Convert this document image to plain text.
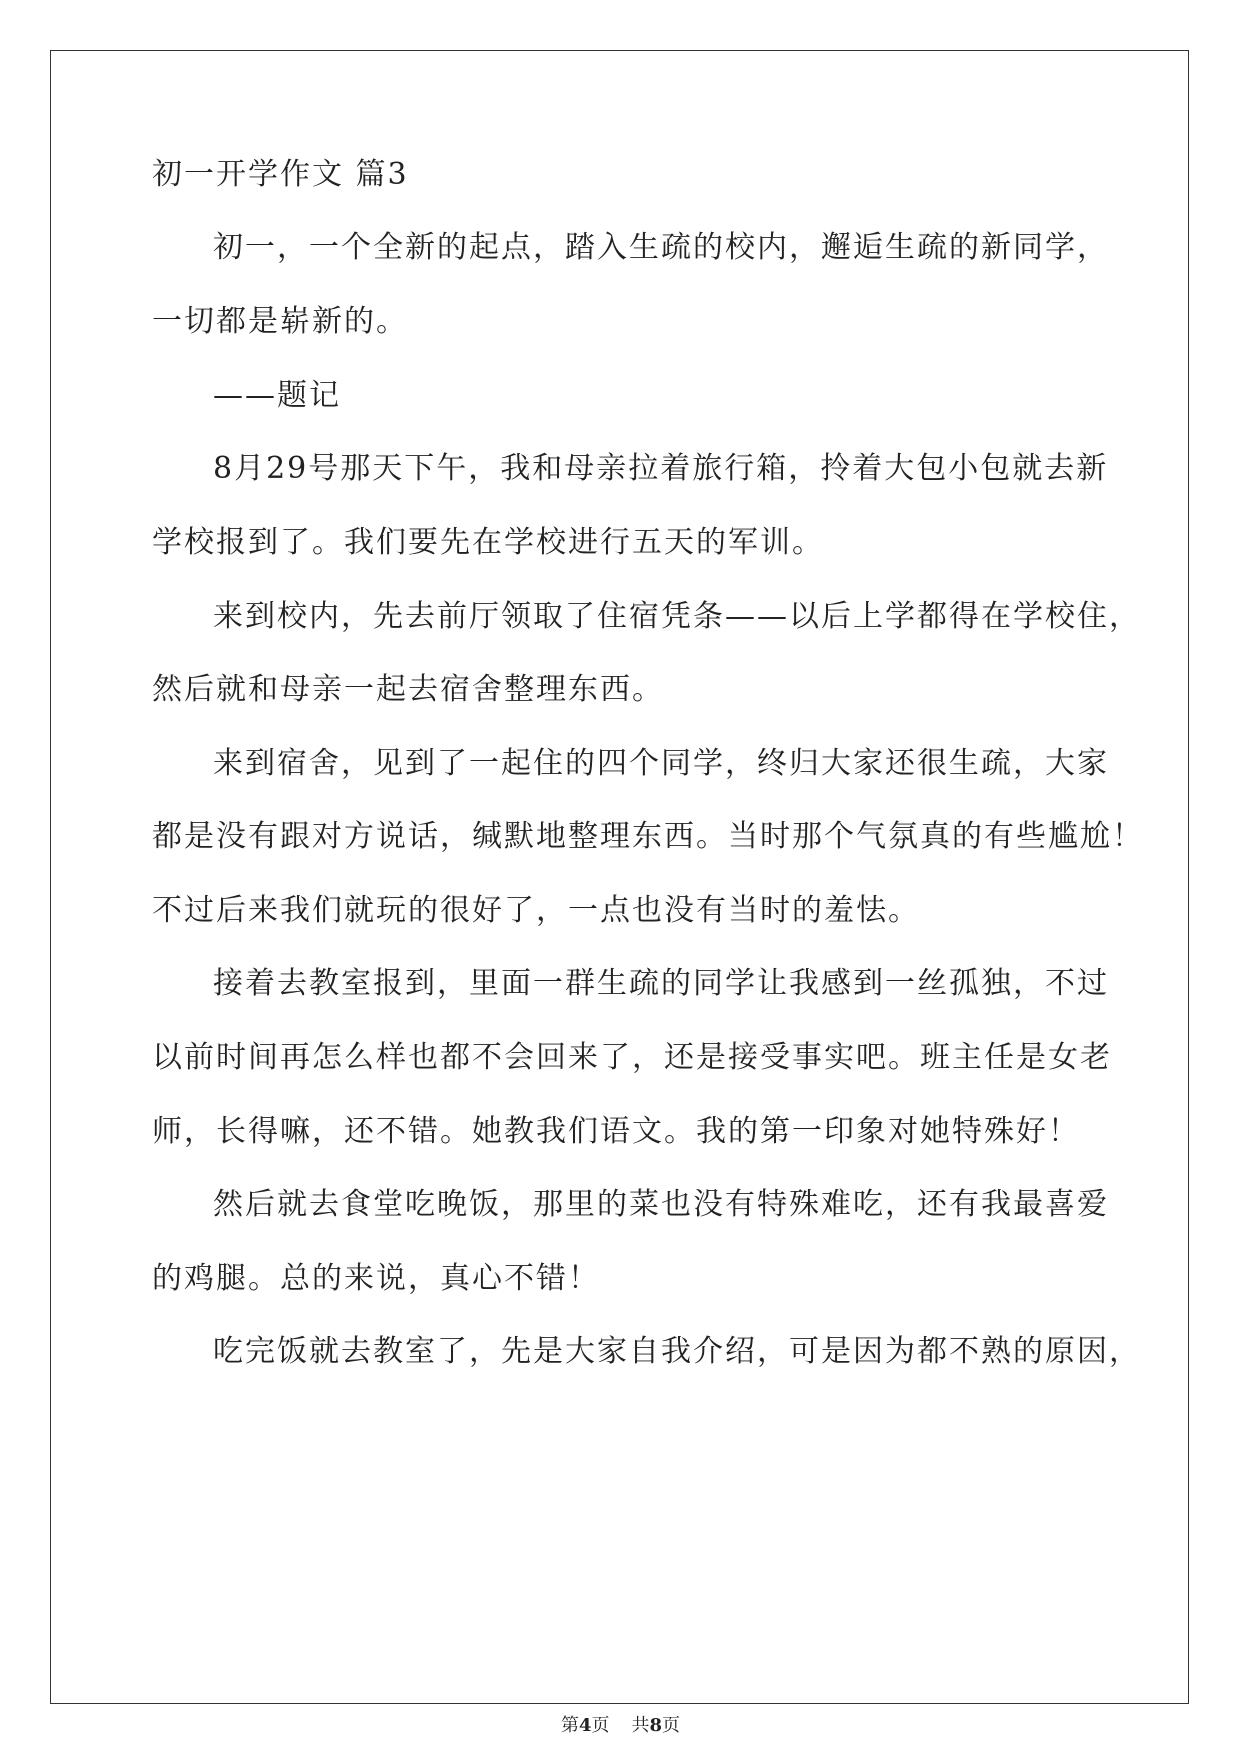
初一开学作文 篇3
初一，一个全新的起点，踏入生疏的校内，邂逅生疏的新同学，
一切都是崭新的。
——题记
8月29号那天下午，我和母亲拉着旅行箱，拎着大包小包就去新
学校报到了。我们要先在学校进行五天的军训。
来到校内，先去前厅领取了住宿凭条——以后上学都得在学校住，
然后就和母亲一起去宿舍整理东西。
来到宿舍，见到了一起住的四个同学，终归大家还很生疏，大家
都是没有跟对方说话，缄默地整理东西。当时那个气氛真的有些尴尬！
不过后来我们就玩的很好了，一点也没有当时的羞怯。
接着去教室报到，里面一群生疏的同学让我感到一丝孤独，不过
以前时间再怎么样也都不会回来了，还是接受事实吧。班主任是女老
师，长得嘛，还不错。她教我们语文。我的第一印象对她特殊好！
然后就去食堂吃晚饭，那里的菜也没有特殊难吃，还有我最喜爱
的鸡腿。总的来说，真心不错！
吃完饭就去教室了，先是大家自我介绍，可是因为都不熟的原因，
第4页 共8页
